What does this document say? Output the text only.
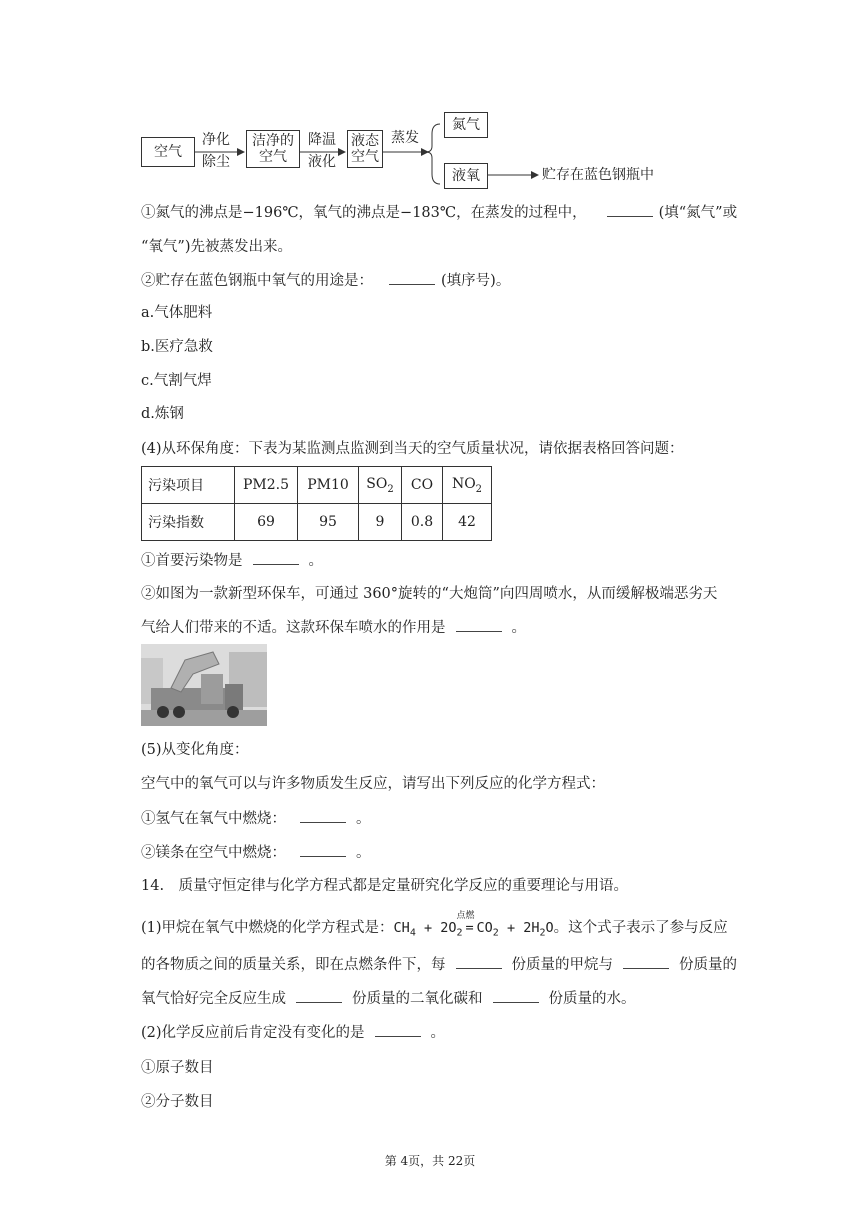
空气
净化
除尘
洁净的
空气
降温
液化
液态
空气
蒸发
氮气
液氧	贮存在蓝色钢瓶中
①氮气的沸点是−196℃，氧气的沸点是−183℃，在蒸发的过程中，	(填“氮气”或
“氧气”)先被蒸发出来。
②贮存在蓝色钢瓶中氧气的用途是：	(填序号)。
a.气体肥料
b.医疗急救
c.气割气焊
d.炼钢
(4)从环保角度：下表为某监测点监测到当天的空气质量状况，请依据表格回答问题：
污染项目	PM2.5	PM10	$SO_2$	CO	$NO_2$
污染指数	69	95	9	0.8	42
①首要污染物是	。
②如图为一款新型环保车，可通过 360°旋转的“大炮筒”向四周喷水，从而缓解极端恶劣天
气给人们带来的不适。这款环保车喷水的作用是	。
(5)从变化角度：
空气中的氧气可以与许多物质发生反应，请写出下列反应的化学方程式：
①氢气在氧气中燃烧：	。
②镁条在空气中燃烧：	。
14.　质量守恒定律与化学方程式都是定量研究化学反应的重要理论与用语。
(1)甲烷在氧气中燃烧的化学方程式是：$CH_4 + 2O_2$
点燃
= $CO_2 + 2H_2O$。这个式子表示了参与反应
的各物质之间的质量关系，即在点燃条件下，每	份质量的甲烷与	份质量的
氧气恰好完全反应生成	份质量的二氧化碳和	份质量的水。
(2)化学反应前后肯定没有变化的是	。
①原子数目
②分子数目
第 4页，共 22页
